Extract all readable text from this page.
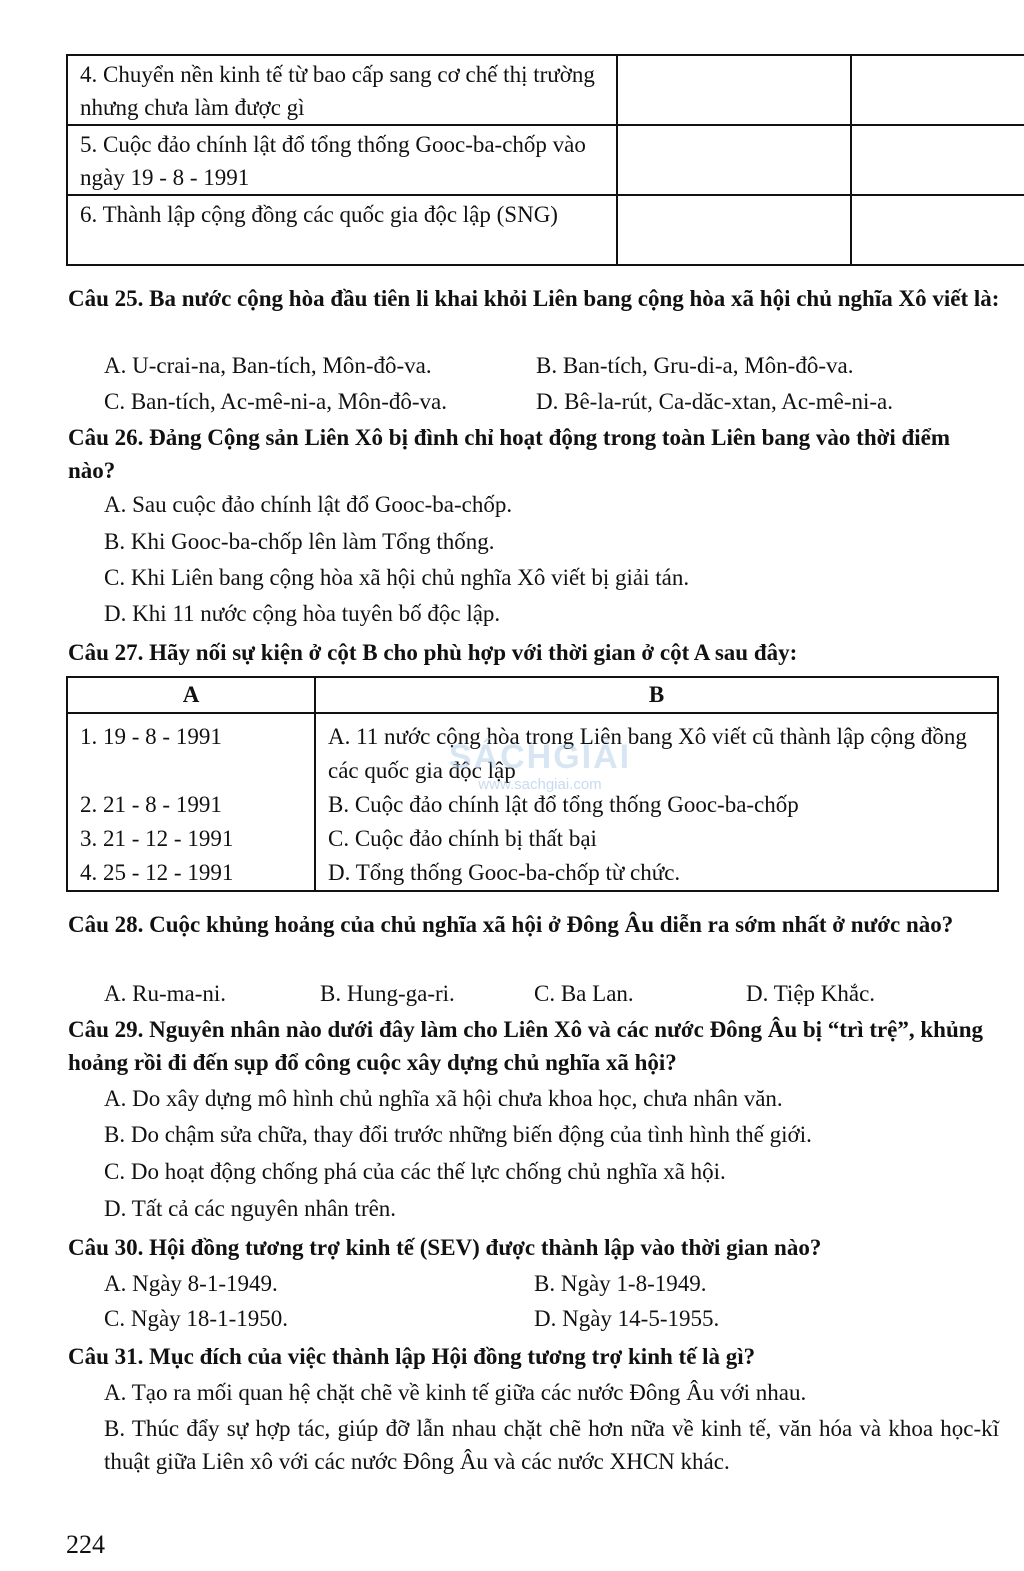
4. Chuyển nền kinh tế từ bao cấp sang cơ chế thị trường nhưng chưa làm được gì		
5. Cuộc đảo chính lật đổ tổng thống Gooc-ba-chốp vào ngày 19 - 8 - 1991		
6. Thành lập cộng đồng các quốc gia độc lập (SNG)		
Câu 25. Ba nước cộng hòa đầu tiên li khai khỏi Liên bang cộng hòa xã hội chủ nghĩa Xô viết là:
A. U-crai-na, Ban-tích, Môn-đô-va.	B. Ban-tích, Gru-di-a, Môn-đô-va.
C. Ban-tích, Ac-mê-ni-a, Môn-đô-va.	D. Bê-la-rút, Ca-dăc-xtan, Ac-mê-ni-a.
Câu 26. Đảng Cộng sản Liên Xô bị đình chỉ hoạt động trong toàn Liên bang vào thời điểm nào?
A. Sau cuộc đảo chính lật đổ Gooc-ba-chốp.
B. Khi Gooc-ba-chốp lên làm Tổng thống.
C. Khi Liên bang cộng hòa xã hội chủ nghĩa Xô viết bị giải tán.
D. Khi 11 nước cộng hòa tuyên bố độc lập.
Câu 27. Hãy nối sự kiện ở cột B cho phù hợp với thời gian ở cột A sau đây:
A	B
1. 19 - 8 - 1991	A. 11 nước cộng hòa trong Liên bang Xô viết cũ thành lập cộng đồng các quốc gia độc lập
2. 21 - 8 - 1991	B. Cuộc đảo chính lật đổ tổng thống Gooc-ba-chốp
3. 21 - 12 - 1991	C. Cuộc đảo chính bị thất bại
4. 25 - 12 - 1991	D. Tổng thống Gooc-ba-chốp từ chức.
SÁCHGIẢI
www.sachgiai.com
Câu 28. Cuộc khủng hoảng của chủ nghĩa xã hội ở Đông Âu diễn ra sớm nhất ở nước nào?
A. Ru-ma-ni.	B. Hung-ga-ri.	C. Ba Lan.	D. Tiệp Khắc.
Câu 29. Nguyên nhân nào dưới đây làm cho Liên Xô và các nước Đông Âu bị “trì trệ”, khủng hoảng rồi đi đến sụp đổ công cuộc xây dựng chủ nghĩa xã hội?
A. Do xây dựng mô hình chủ nghĩa xã hội chưa khoa học, chưa nhân văn.
B. Do chậm sửa chữa, thay đổi trước những biến động của tình hình thế giới.
C. Do hoạt động chống phá của các thế lực chống chủ nghĩa xã hội.
D. Tất cả các nguyên nhân trên.
Câu 30. Hội đồng tương trợ kinh tế (SEV) được thành lập vào thời gian nào?
A. Ngày 8-1-1949.	B. Ngày 1-8-1949.
C. Ngày 18-1-1950.	D. Ngày 14-5-1955.
Câu 31. Mục đích của việc thành lập Hội đồng tương trợ kinh tế là gì?
A. Tạo ra mối quan hệ chặt chẽ về kinh tế giữa các nước Đông Âu với nhau.
B. Thúc đẩy sự hợp tác, giúp đỡ lẫn nhau chặt chẽ hơn nữa về kinh tế, văn hóa và khoa học-kĩ thuật giữa Liên xô với các nước Đông Âu và các nước XHCN khác.
224
